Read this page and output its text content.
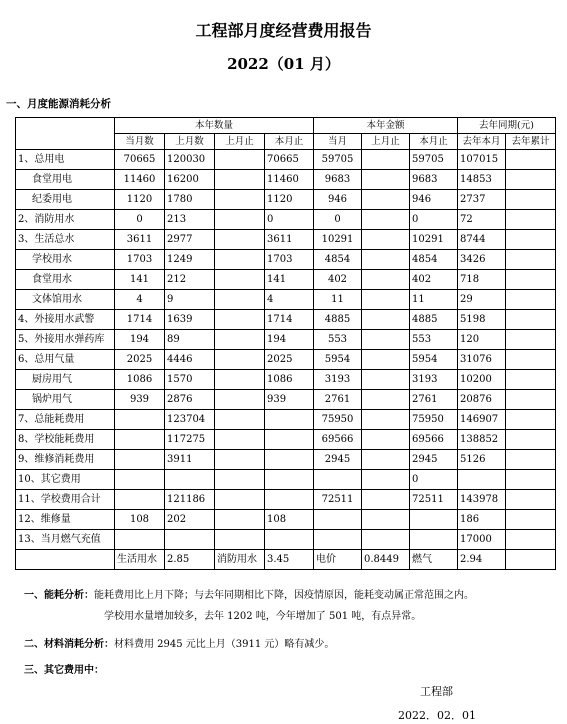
工程部月度经营费用报告
2022（01 月）
一、月度能源消耗分析
	本年数量				本年金额			去年同期(元)	
	当月数	上月数	上月止	本月止	当月	上月止	本月止	去年本月	去年累计
1、总用电	70665	120030		70665	59705		59705	107015	
食堂用电	11460	16200		11460	9683		9683	14853	
纪委用电	1120	1780		1120	946		946	2737	
2、消防用水	0	213		0	0		0	72	
3、生活总水	3611	2977		3611	10291		10291	8744	
学校用水	1703	1249		1703	4854		4854	3426	
食堂用水	141	212		141	402		402	718	
文体馆用水	4	9		4	11		11	29	
4、外接用水武警	1714	1639		1714	4885		4885	5198	
5、外接用水弹药库	194	89		194	553		553	120	
6、总用气量	2025	4446		2025	5954		5954	31076	
厨房用气	1086	1570		1086	3193		3193	10200	
锅炉用气	939	2876		939	2761		2761	20876	
7、总能耗费用		123704			75950		75950	146907	
8、学校能耗费用		117275			69566		69566	138852	
9、维修消耗费用		3911			2945		2945	5126	
10、其它费用							0		
11、学校费用合计		121186			72511		72511	143978	
12、维修量	108	202		108				186	
13、当月燃气充值								17000	
	生活用水	2.85	消防用水	3.45	电价	0.8449	燃气	2.94	
一、能耗分析：能耗费用比上月下降；与去年同期相比下降，因疫情原因，能耗变动属正常范围之内。
学校用水量增加较多，去年 1202 吨，今年增加了 501 吨，有点异常。
二、材料消耗分析：材料费用 2945 元比上月（3911 元）略有减少。
三、其它费用中：
工程部
2022．02．01
